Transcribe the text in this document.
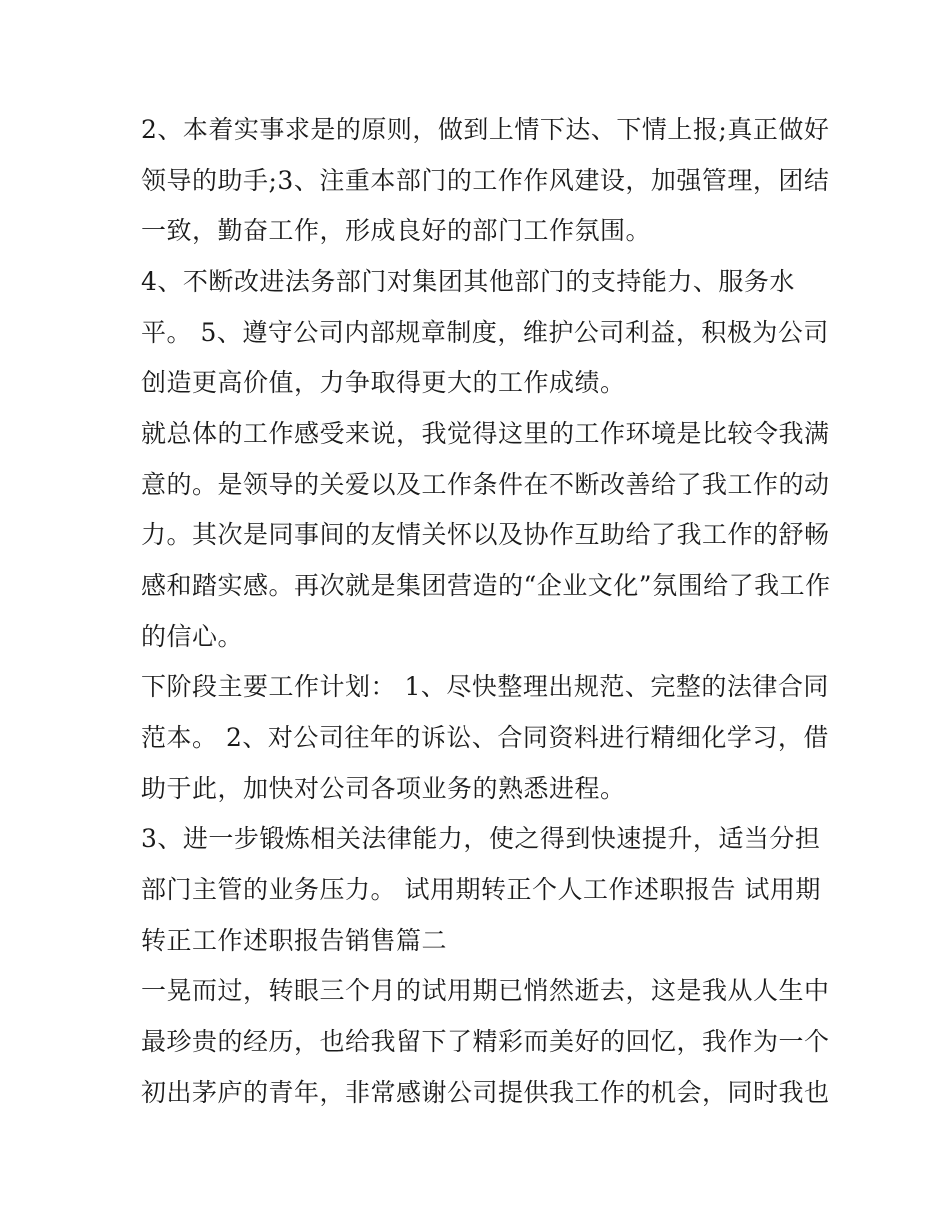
2、本着实事求是的原则，做到上情下达、下情上报;真正做好
领导的助手;3、注重本部门的工作作风建设，加强管理，团结
一致，勤奋工作，形成良好的部门工作氛围。
4、不断改进法务部门对集团其他部门的支持能力、服务水
平。 5、遵守公司内部规章制度，维护公司利益，积极为公司
创造更高价值，力争取得更大的工作成绩。
就总体的工作感受来说，我觉得这里的工作环境是比较令我满
意的。是领导的关爱以及工作条件在不断改善给了我工作的动
力。其次是同事间的友情关怀以及协作互助给了我工作的舒畅
感和踏实感。再次就是集团营造的“企业文化”氛围给了我工作
的信心。
下阶段主要工作计划： 1、尽快整理出规范、完整的法律合同
范本。 2、对公司往年的诉讼、合同资料进行精细化学习，借
助于此，加快对公司各项业务的熟悉进程。
3、进一步锻炼相关法律能力，使之得到快速提升，适当分担
部门主管的业务压力。 试用期转正个人工作述职报告 试用期
转正工作述职报告销售篇二
一晃而过，转眼三个月的试用期已悄然逝去，这是我从人生中
最珍贵的经历，也给我留下了精彩而美好的回忆，我作为一个
初出茅庐的青年，非常感谢公司提供我工作的机会，同时我也
